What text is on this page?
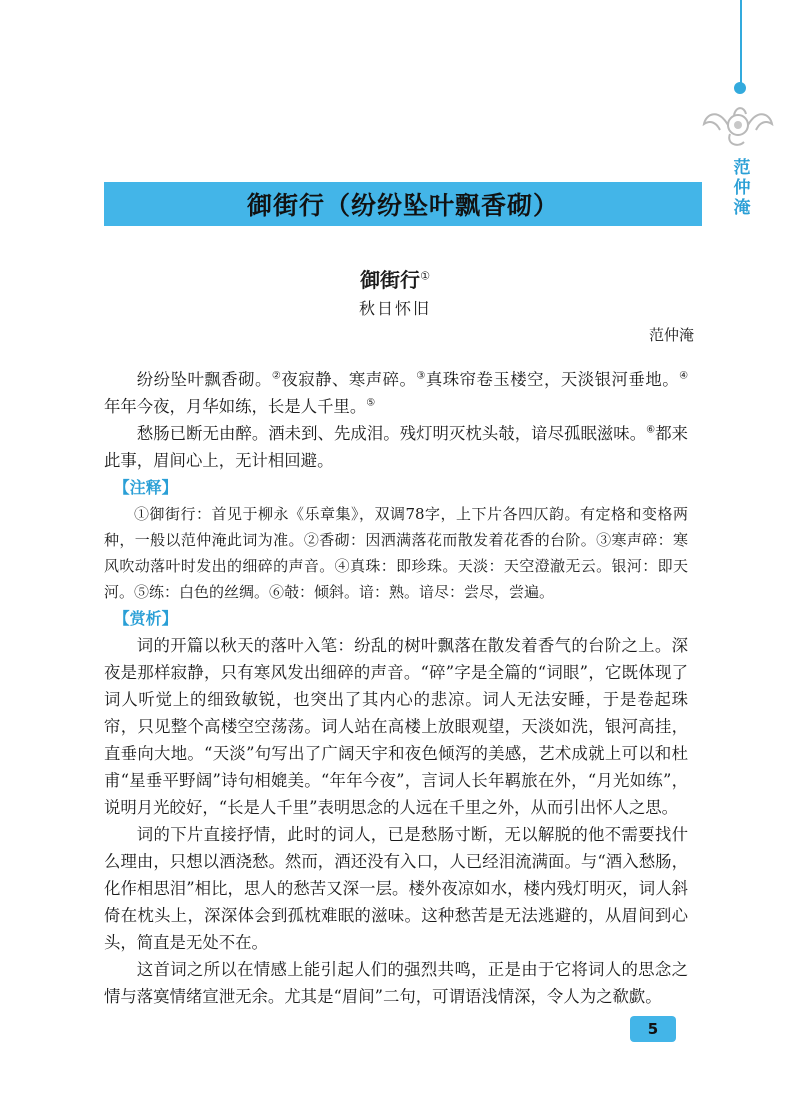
范仲淹
御街行（纷纷坠叶飘香砌）
御街行①
秋日怀旧
范仲淹

纷纷坠叶飘香砌。②夜寂静、寒声碎。③真珠帘卷玉楼空，天淡银河垂地。④年年今夜，月华如练，长是人千里。⑤

愁肠已断无由醉。酒未到、先成泪。残灯明灭枕头攲，谙尽孤眠滋味。⑥都来此事，眉间心上，无计相回避。

【注释】

①御街行：首见于柳永《乐章集》，双调78字，上下片各四仄韵。有定格和变格两种，一般以范仲淹此词为准。②香砌：因洒满落花而散发着花香的台阶。③寒声碎：寒风吹动落叶时发出的细碎的声音。④真珠：即珍珠。天淡：天空澄澈无云。银河：即天河。⑤练：白色的丝绸。⑥攲：倾斜。谙：熟。谙尽：尝尽，尝遍。

【赏析】

词的开篇以秋天的落叶入笔：纷乱的树叶飘落在散发着香气的台阶之上。深夜是那样寂静，只有寒风发出细碎的声音。“碎”字是全篇的“词眼”，它既体现了词人听觉上的细致敏锐，也突出了其内心的悲凉。词人无法安睡，于是卷起珠帘，只见整个高楼空空荡荡。词人站在高楼上放眼观望，天淡如洗，银河高挂，直垂向大地。“天淡”句写出了广阔天宇和夜色倾泻的美感，艺术成就上可以和杜甫“星垂平野阔”诗句相媲美。“年年今夜”，言词人长年羁旅在外，“月光如练”，说明月光皎好，“长是人千里”表明思念的人远在千里之外，从而引出怀人之思。

词的下片直接抒情，此时的词人，已是愁肠寸断，无以解脱的他不需要找什么理由，只想以酒浇愁。然而，酒还没有入口，人已经泪流满面。与“酒入愁肠，化作相思泪”相比，思人的愁苦又深一层。楼外夜凉如水，楼内残灯明灭，词人斜倚在枕头上，深深体会到孤枕难眠的滋味。这种愁苦是无法逃避的，从眉间到心头，简直是无处不在。

这首词之所以在情感上能引起人们的强烈共鸣，正是由于它将词人的思念之情与落寞情绪宣泄无余。尤其是“眉间”二句，可谓语浅情深，令人为之欷歔。

5
